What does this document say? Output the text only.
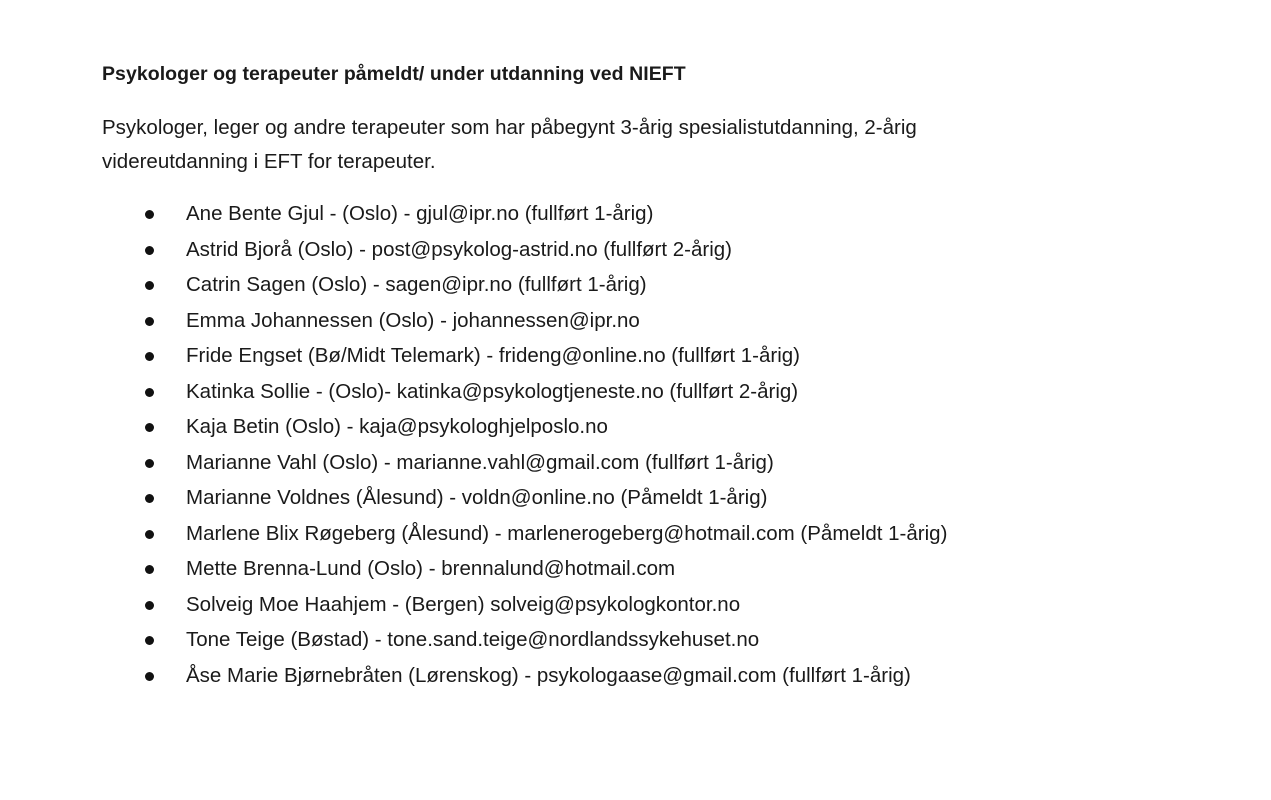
Psykologer og terapeuter påmeldt/ under utdanning ved NIEFT
Psykologer, leger og andre terapeuter som har påbegynt 3-årig spesialistutdanning, 2-årig
videreutdanning i EFT for terapeuter.
Ane Bente Gjul - (Oslo) - gjul@ipr.no (fullført 1-årig)
Astrid Bjorå (Oslo) - post@psykolog-astrid.no (fullført 2-årig)
Catrin Sagen (Oslo) - sagen@ipr.no (fullført 1-årig)
Emma Johannessen (Oslo) - johannessen@ipr.no
Fride Engset (Bø/Midt Telemark) - frideng@online.no (fullført 1-årig)
Katinka Sollie - (Oslo)- katinka@psykologtjeneste.no (fullført 2-årig)
Kaja Betin (Oslo) - kaja@psykologhjelposlo.no
Marianne Vahl (Oslo) - marianne.vahl@gmail.com (fullført 1-årig)
Marianne Voldnes (Ålesund) - voldn@online.no (Påmeldt 1-årig)
Marlene Blix Røgeberg (Ålesund) - marlenerogeberg@hotmail.com (Påmeldt 1-årig)
Mette Brenna-Lund (Oslo) - brennalund@hotmail.com
Solveig Moe Haahjem - (Bergen) solveig@psykologkontor.no
Tone Teige (Bøstad) - tone.sand.teige@nordlandssykehuset.no
Åse Marie Bjørnebråten (Lørenskog) - psykologaase@gmail.com (fullført 1-årig)
